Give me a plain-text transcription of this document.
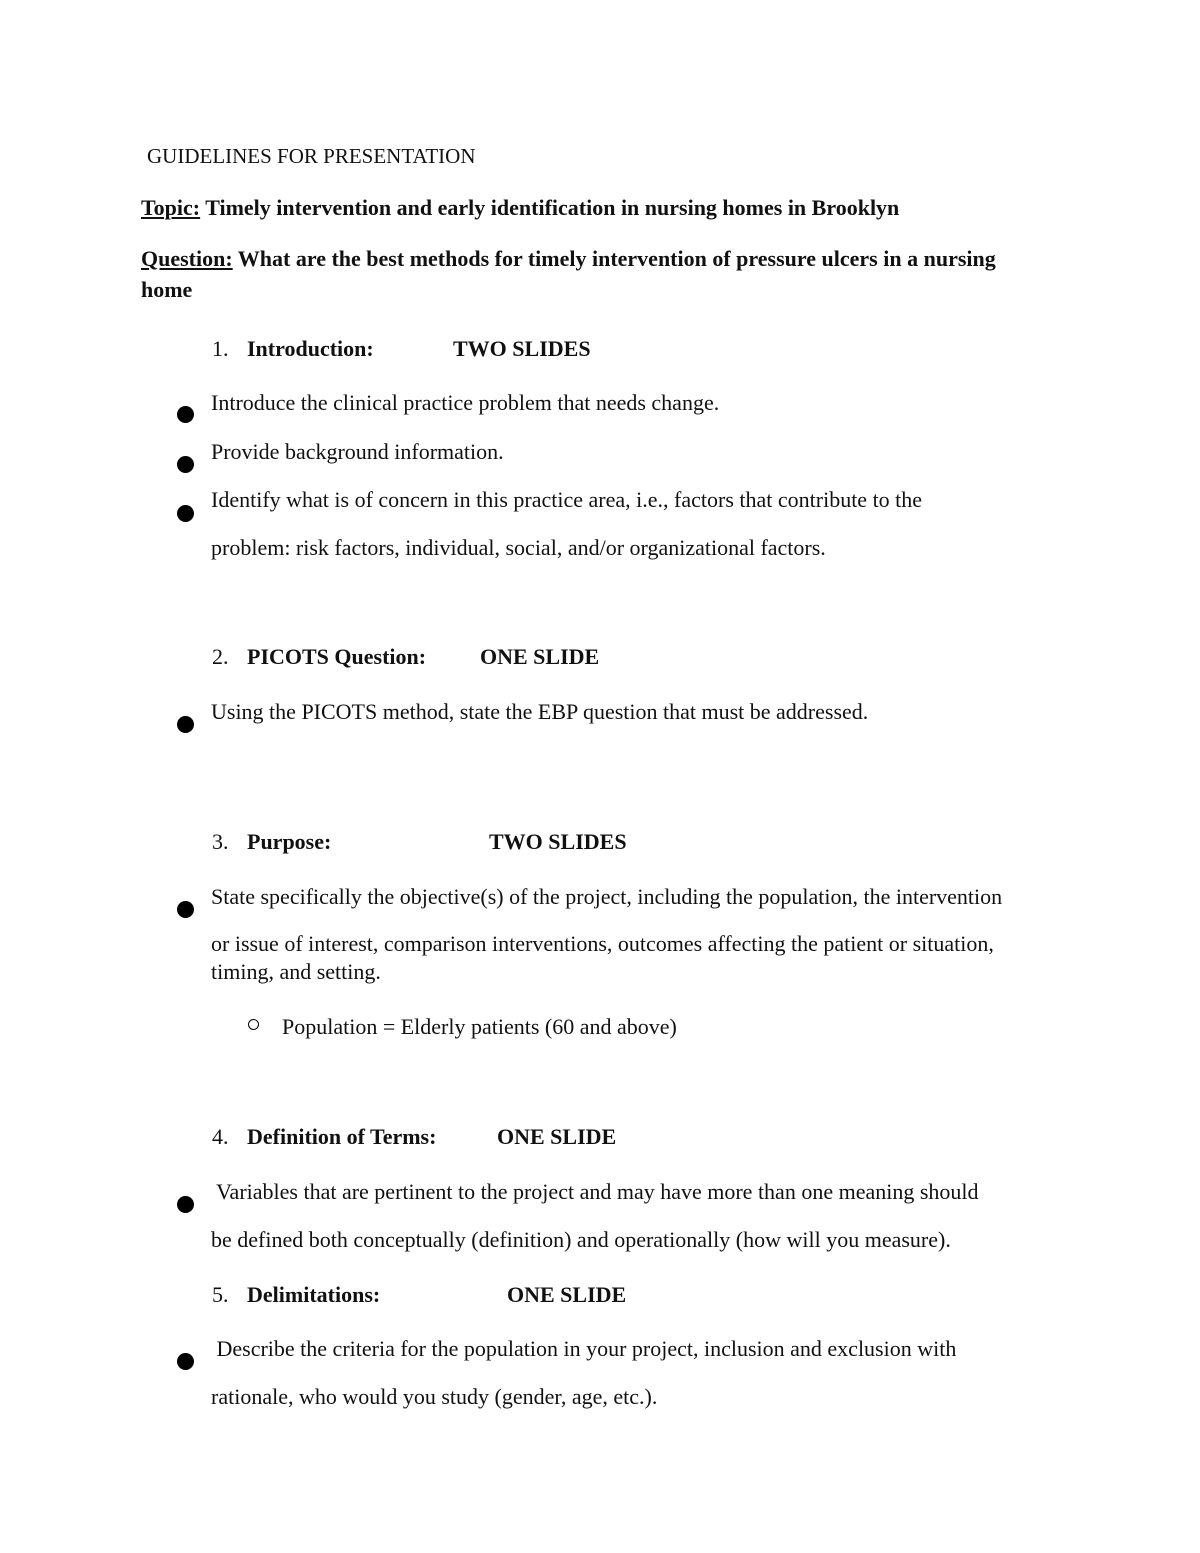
GUIDELINES FOR PRESENTATION
Topic: Timely intervention and early identification in nursing homes in Brooklyn
Question: What are the best methods for timely intervention of pressure ulcers in a nursing
home
1. Introduction:	TWO SLIDES
Introduce the clinical practice problem that needs change.
Provide background information.
Identify what is of concern in this practice area, i.e., factors that contribute to the
problem: risk factors, individual, social, and/or organizational factors.
2. PICOTS Question: ONE SLIDE
Using the PICOTS method, state the EBP question that must be addressed.
3. Purpose:	TWO SLIDES
State specifically the objective(s) of the project, including the population, the intervention
or issue of interest, comparison interventions, outcomes affecting the patient or situation,
timing, and setting.
Population = Elderly patients (60 and above)
4. Definition of Terms:	ONE SLIDE
Variables that are pertinent to the project and may have more than one meaning should
be defined both conceptually (definition) and operationally (how will you measure).
5. Delimitations:	ONE SLIDE
Describe the criteria for the population in your project, inclusion and exclusion with
rationale, who would you study (gender, age, etc.).
